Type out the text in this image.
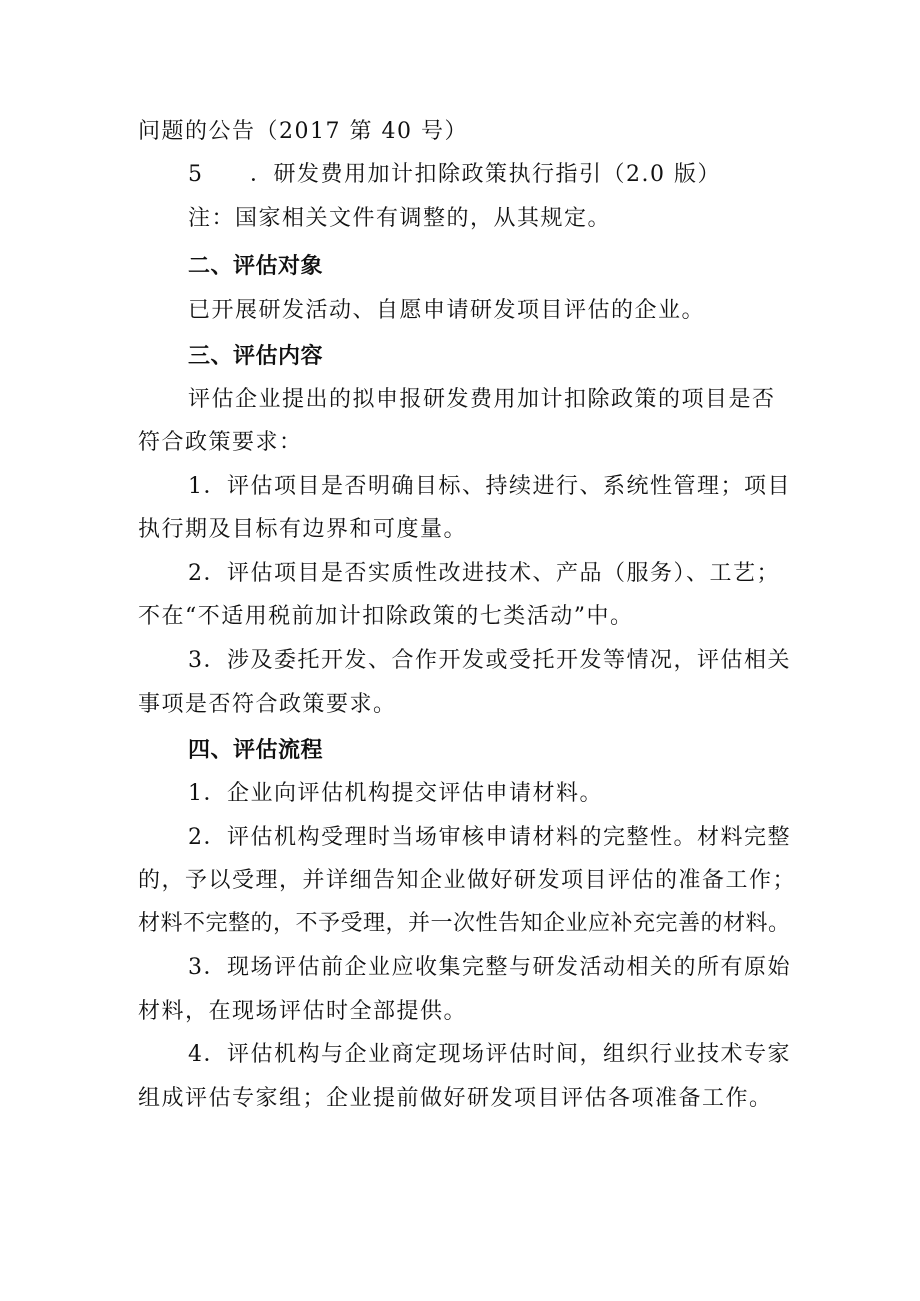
问题的公告（2017 第 40 号）
5 ．研发费用加计扣除政策执行指引（2.0 版）
注：国家相关文件有调整的，从其规定。
二、评估对象
已开展研发活动、自愿申请研发项目评估的企业。
三、评估内容
评估企业提出的拟申报研发费用加计扣除政策的项目是否
符合政策要求：
1．评估项目是否明确目标、持续进行、系统性管理；项目
执行期及目标有边界和可度量。
2．评估项目是否实质性改进技术、产品（服务）、工艺；
不在“不适用税前加计扣除政策的七类活动”中。
3．涉及委托开发、合作开发或受托开发等情况，评估相关
事项是否符合政策要求。
四、评估流程
1．企业向评估机构提交评估申请材料。
2．评估机构受理时当场审核申请材料的完整性。材料完整
的，予以受理，并详细告知企业做好研发项目评估的准备工作；
材料不完整的，不予受理，并一次性告知企业应补充完善的材料。
3．现场评估前企业应收集完整与研发活动相关的所有原始
材料，在现场评估时全部提供。
4．评估机构与企业商定现场评估时间，组织行业技术专家
组成评估专家组；企业提前做好研发项目评估各项准备工作。
